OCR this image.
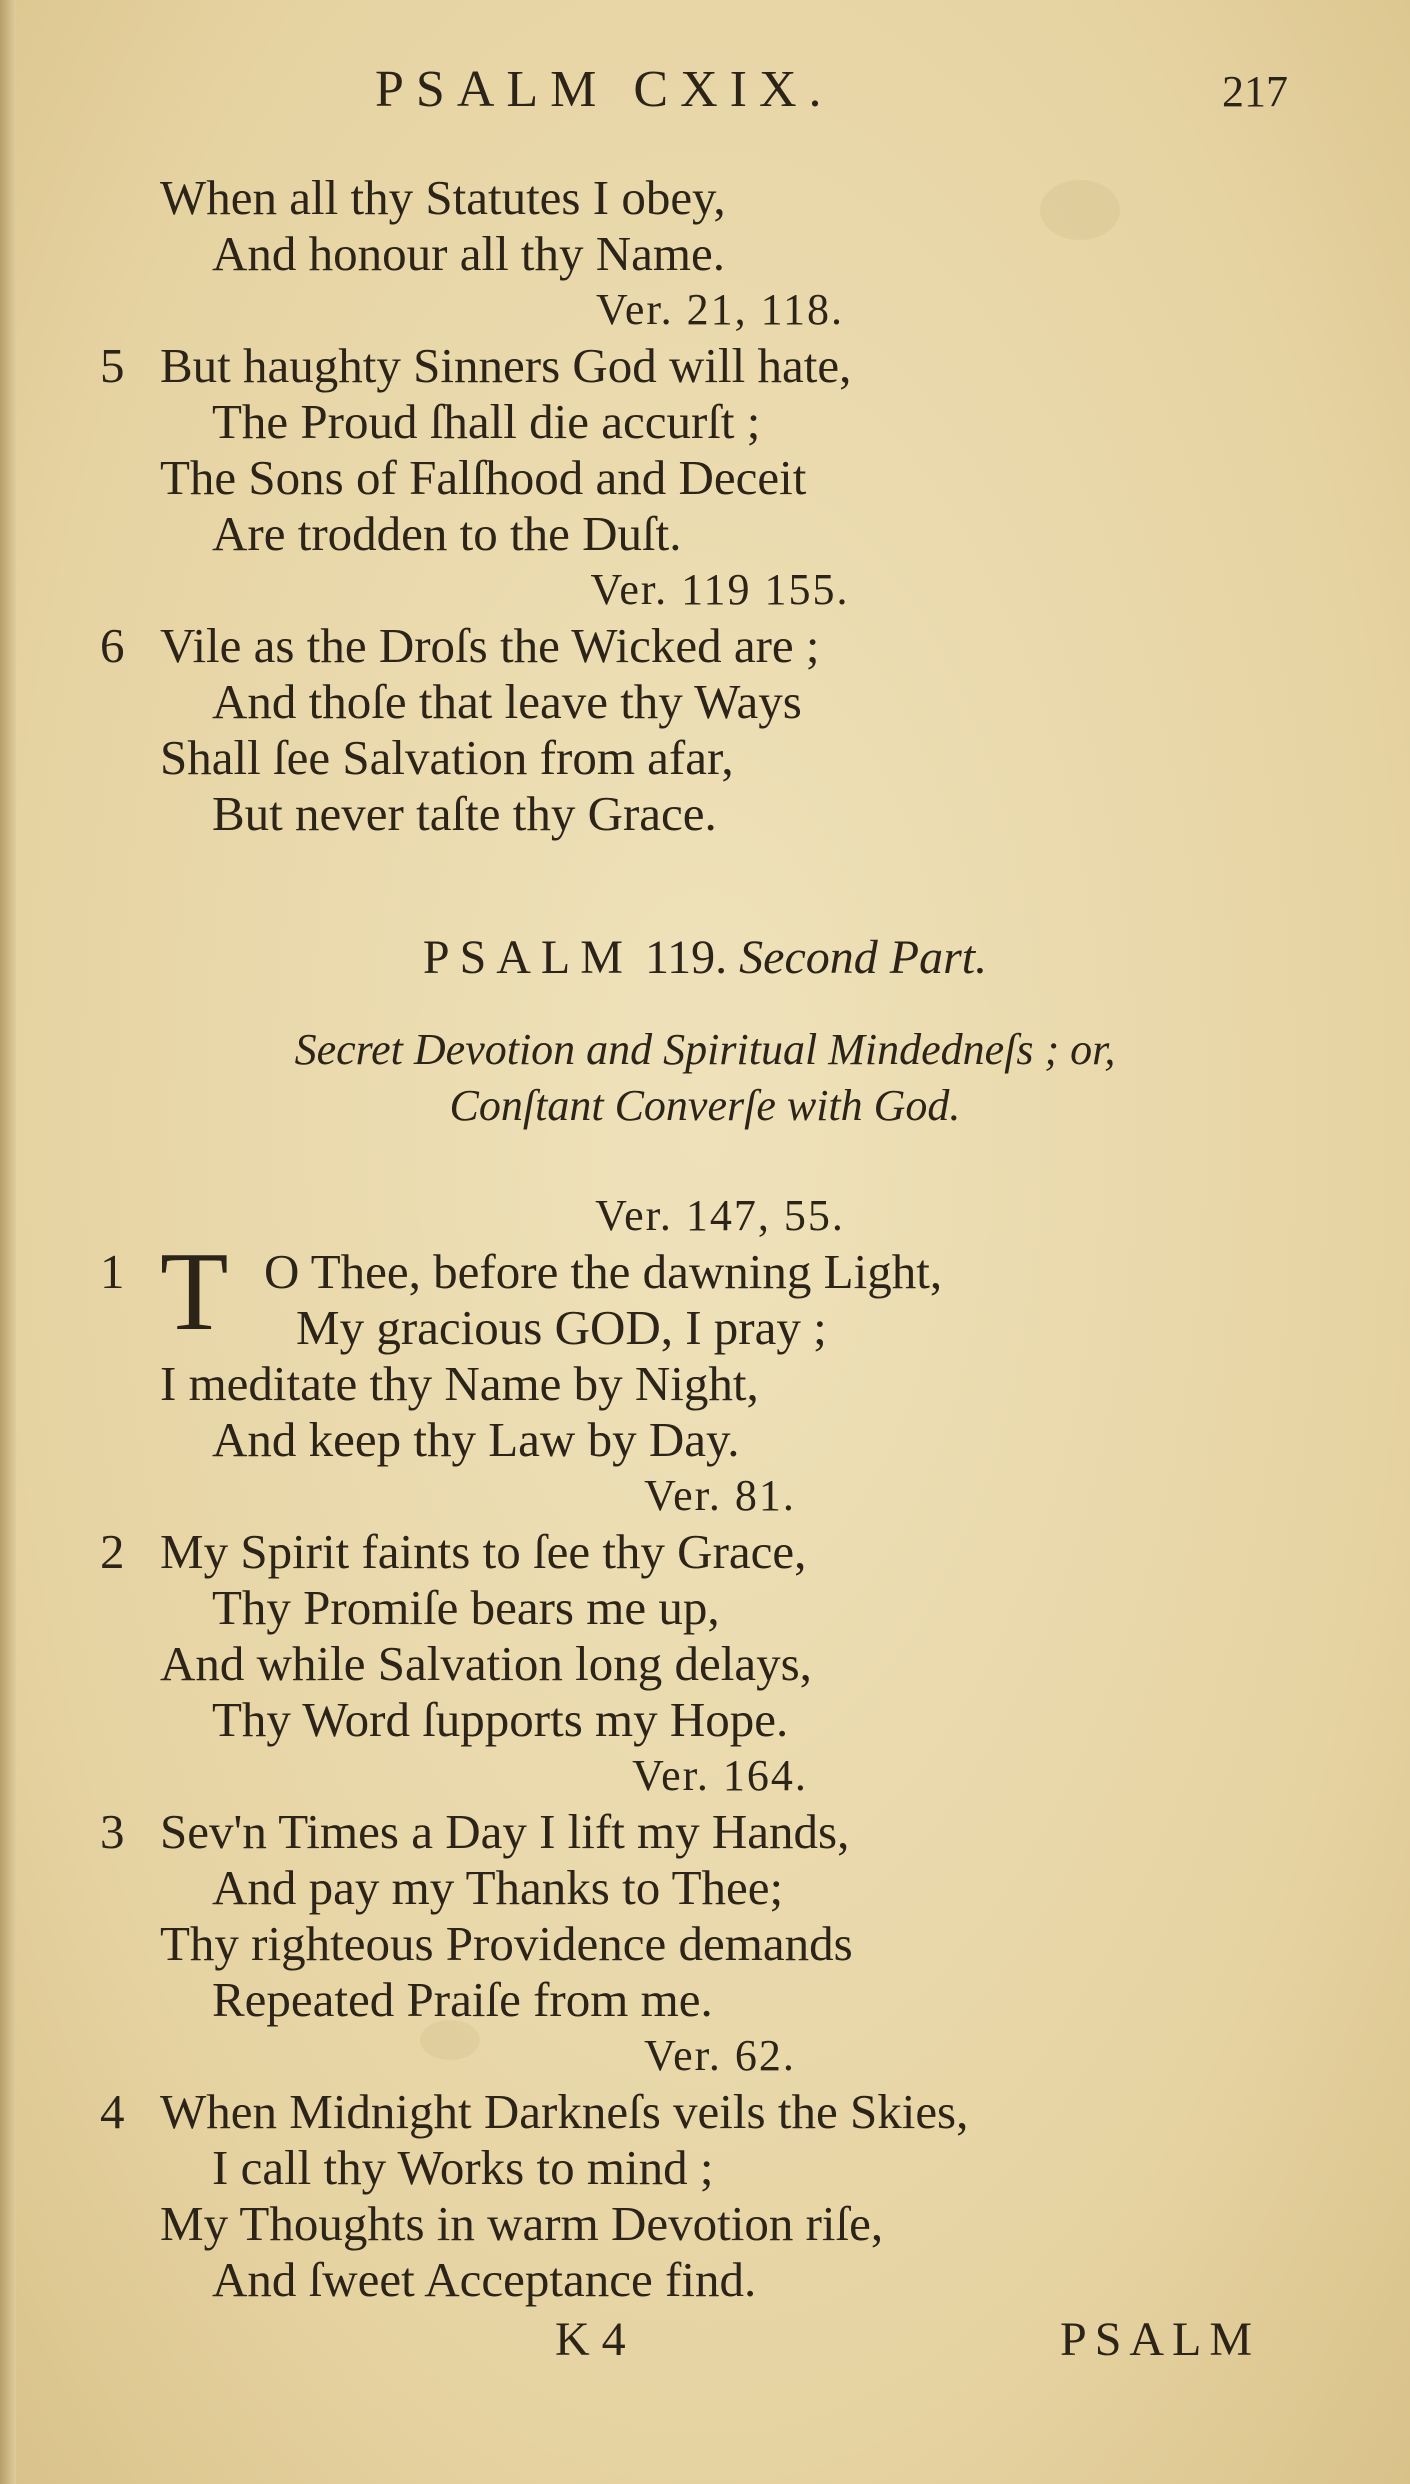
PSALM CXIX.	217
When all thy Statutes I obey,
And honour all thy Name.
Ver. 21, 118.
5 But haughty Sinners God will hate,
The Proud ſhall die accurſt ;
The Sons of Falſhood and Deceit
Are trodden to the Duſt.
Ver. 119 155.
6 Vile as the Droſs the Wicked are ;
And thoſe that leave thy Ways
Shall ſee Salvation from afar,
But never taſte thy Grace.
PSALM 119. Second Part.
Secret Devotion and Spiritual Mindedneſs ; or,
Conſtant Converſe with God.
Ver. 147, 55.
1 T O Thee, before the dawning Light,
My gracious GOD, I pray ;
I meditate thy Name by Night,
And keep thy Law by Day.
Ver. 81.
2 My Spirit faints to ſee thy Grace,
Thy Promiſe bears me up,
And while Salvation long delays,
Thy Word ſupports my Hope.
Ver. 164.
3 Sev'n Times a Day I lift my Hands,
And pay my Thanks to Thee;
Thy righteous Providence demands
Repeated Praiſe from me.
Ver. 62.
4 When Midnight Darkneſs veils the Skies,
I call thy Works to mind ;
My Thoughts in warm Devotion riſe,
And ſweet Acceptance find.
K 4	PSALM
